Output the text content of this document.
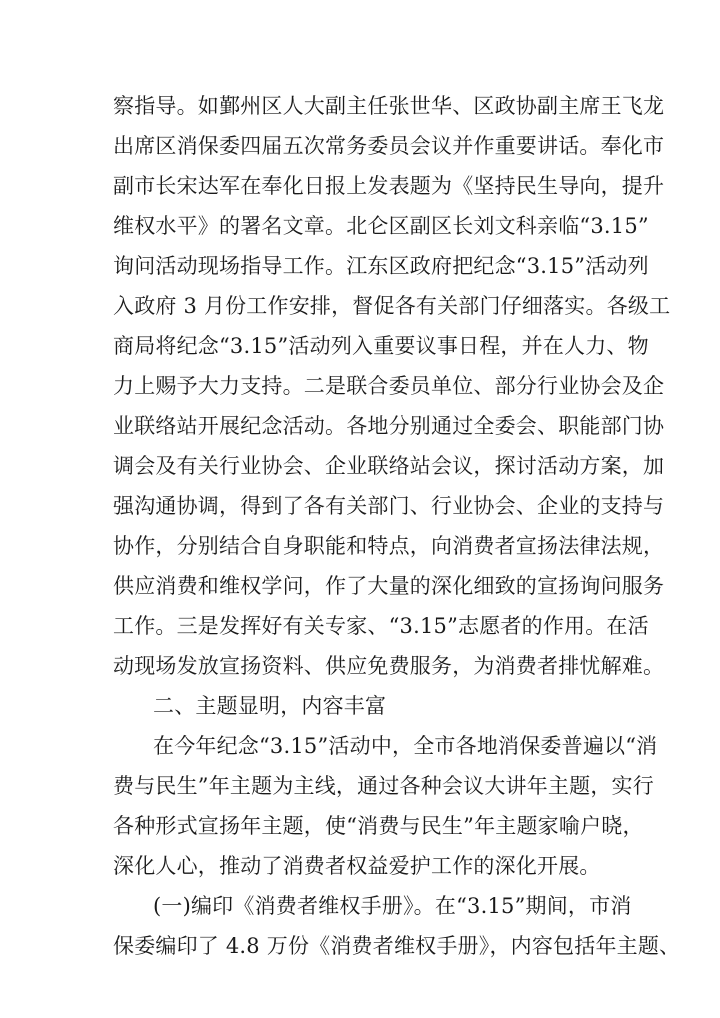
察指导。如鄞州区人大副主任张世华、区政协副主席王飞龙
出席区消保委四届五次常务委员会议并作重要讲话。奉化市
副市长宋达军在奉化日报上发表题为《坚持民生导向，提升
维权水平》的署名文章。北仑区副区长刘文科亲临“3.15”
询问活动现场指导工作。江东区政府把纪念“3.15”活动列
入政府 3 月份工作安排，督促各有关部门仔细落实。各级工
商局将纪念“3.15”活动列入重要议事日程，并在人力、物
力上赐予大力支持。二是联合委员单位、部分行业协会及企
业联络站开展纪念活动。各地分别通过全委会、职能部门协
调会及有关行业协会、企业联络站会议，探讨活动方案，加
强沟通协调，得到了各有关部门、行业协会、企业的支持与
协作，分别结合自身职能和特点，向消费者宣扬法律法规，
供应消费和维权学问，作了大量的深化细致的宣扬询问服务
工作。三是发挥好有关专家、“3.15”志愿者的作用。在活
动现场发放宣扬资料、供应免费服务，为消费者排忧解难。
二、主题显明，内容丰富
在今年纪念“3.15”活动中，全市各地消保委普遍以“消
费与民生”年主题为主线，通过各种会议大讲年主题，实行
各种形式宣扬年主题，使“消费与民生”年主题家喻户晓，
深化人心，推动了消费者权益爱护工作的深化开展。
(一)编印《消费者维权手册》。在“3.15”期间，市消
保委编印了 4.8 万份《消费者维权手册》，内容包括年主题、
